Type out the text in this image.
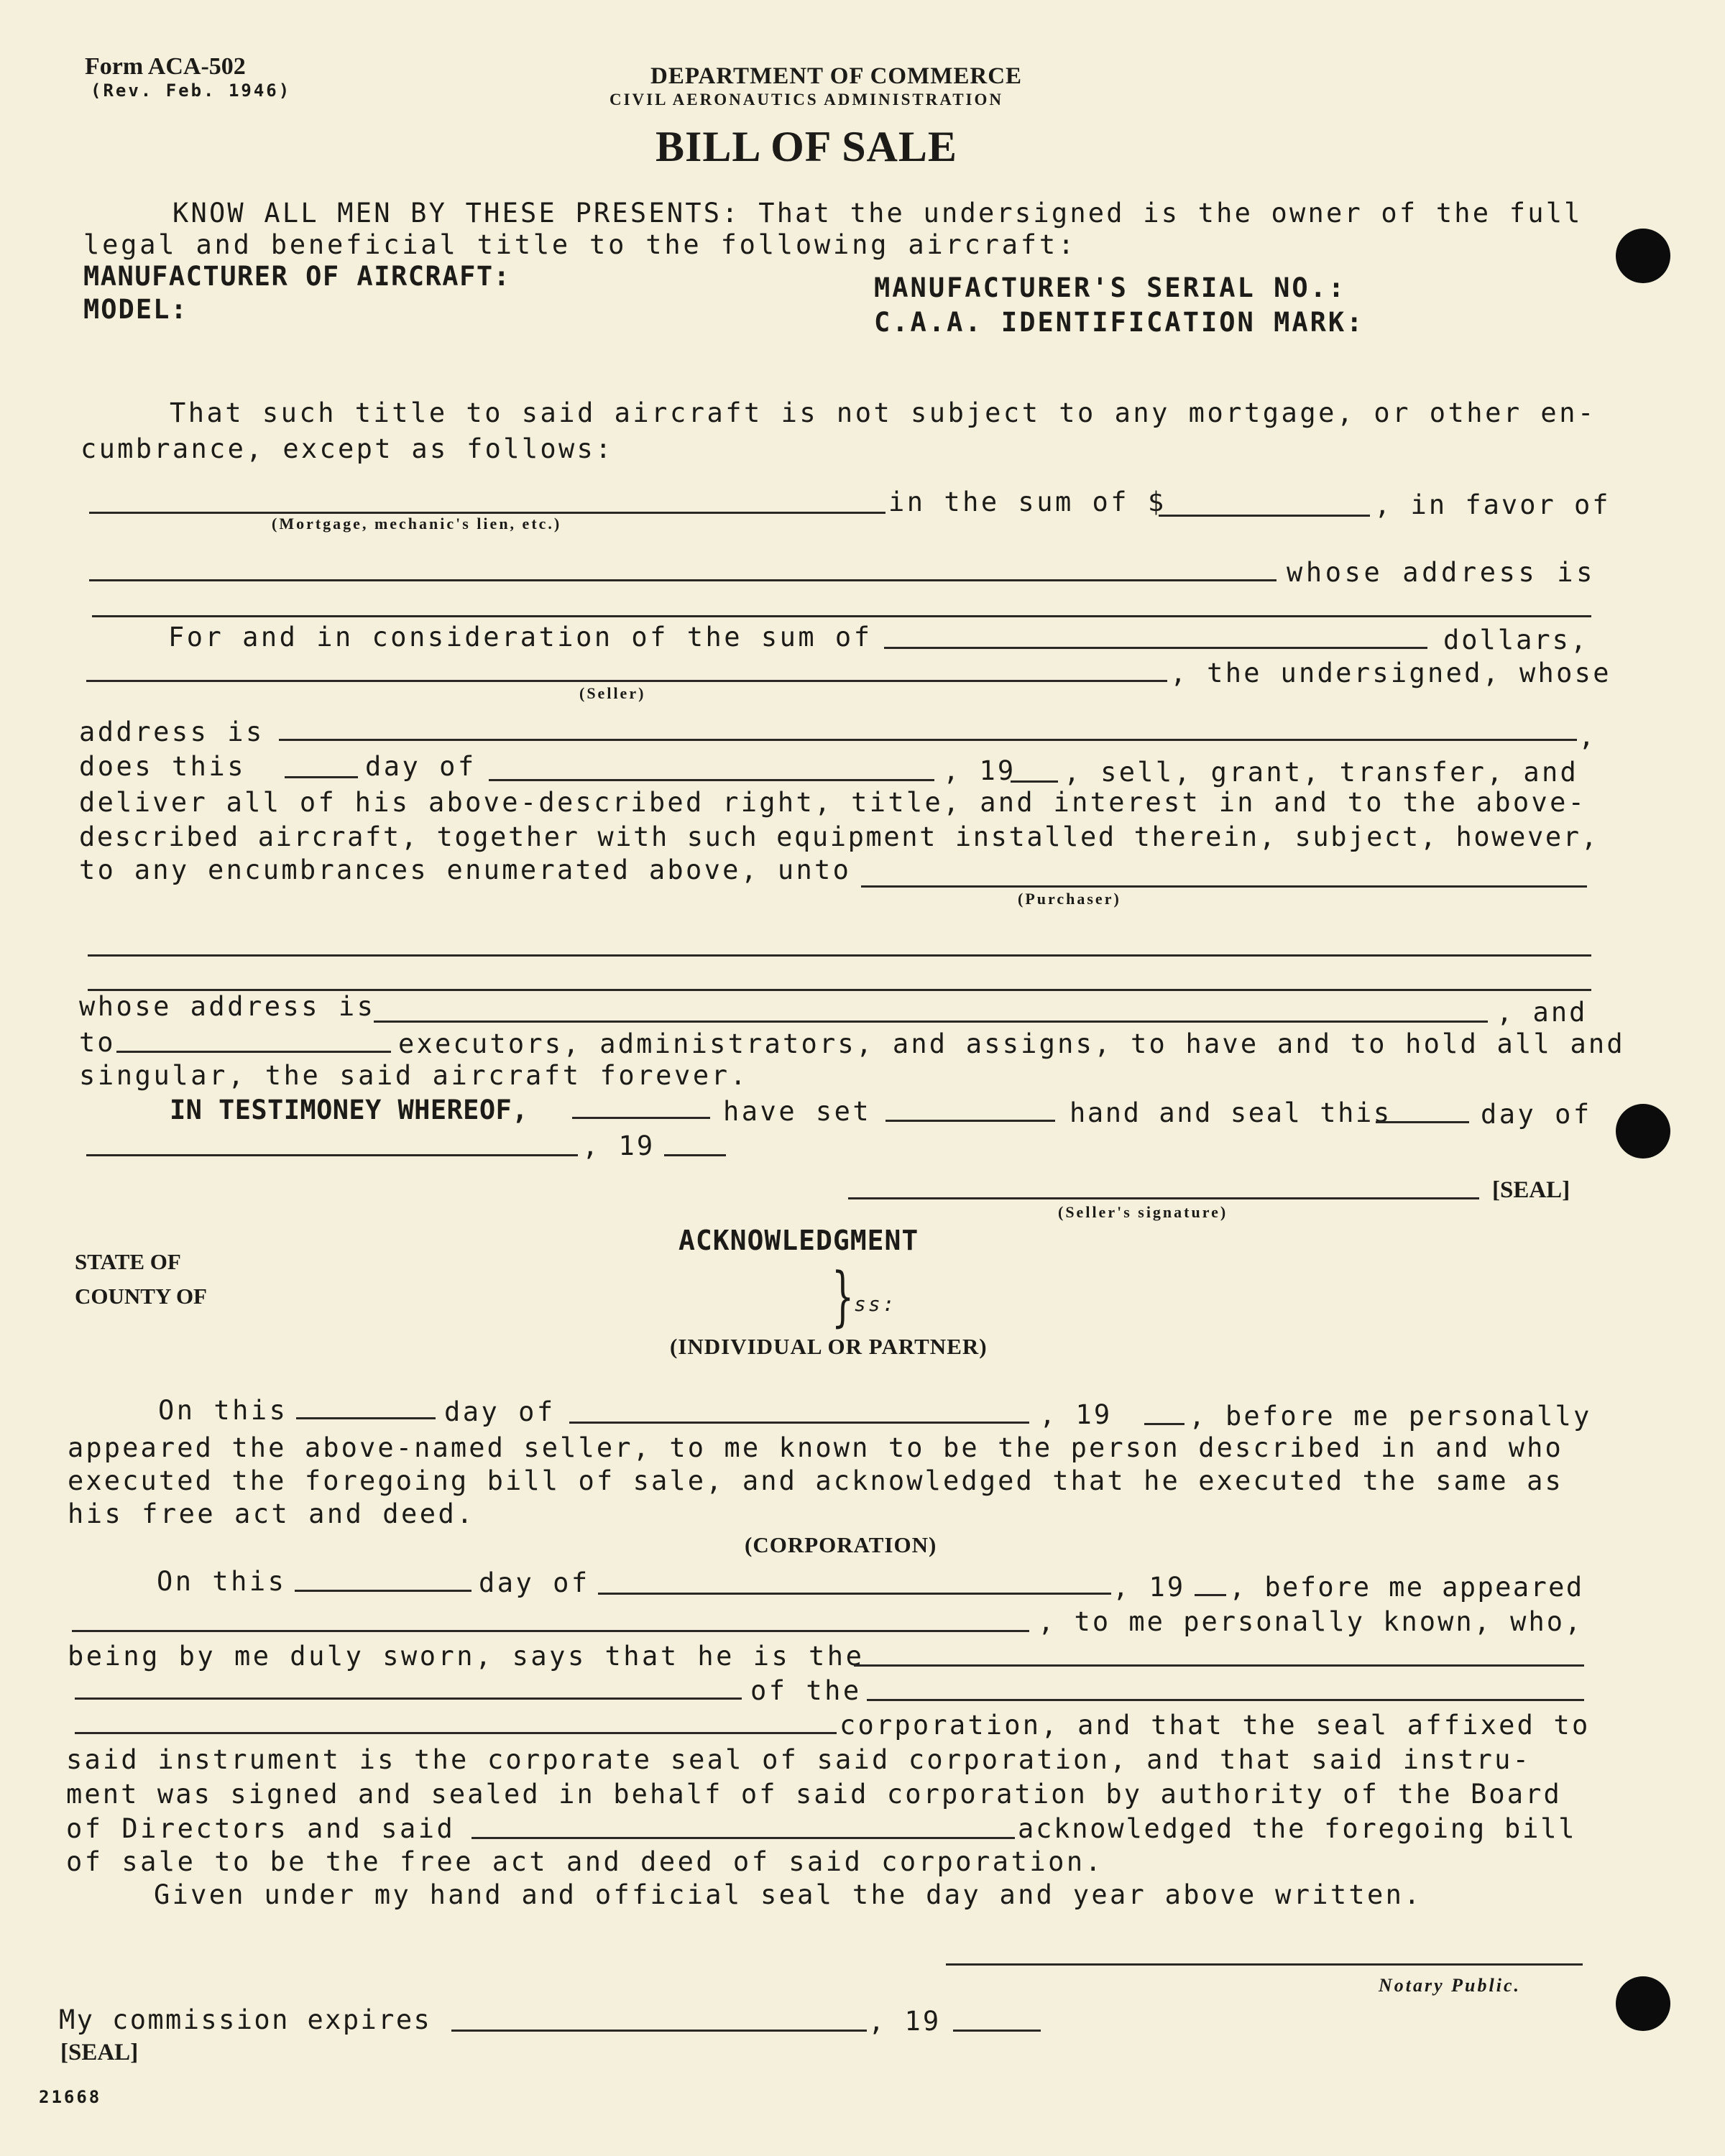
Form ACA-502
(Rev. Feb. 1946)
DEPARTMENT OF COMMERCE
CIVIL AERONAUTICS ADMINISTRATION
BILL OF SALE
KNOW ALL MEN BY THESE PRESENTS: That the undersigned is the owner of the full
legal and beneficial title to the following aircraft:
MANUFACTURER OF AIRCRAFT:	MANUFACTURER'S SERIAL NO.:
MODEL:	C.A.A. IDENTIFICATION MARK:
That such title to said aircraft is not subject to any mortgage, or other en-
cumbrance, except as follows:
in the sum of $	, in favor of
(Mortgage, mechanic's lien, etc.)
whose address is
For and in consideration of the sum of	dollars,
, the undersigned, whose
(Seller)
address is	,
does this	day of	, 19 , sell, grant, transfer, and
deliver all of his above-described right, title, and interest in and to the above-
described aircraft, together with such equipment installed therein, subject, however,
to any encumbrances enumerated above, unto
(Purchaser)
whose address is	, and
to	executors, administrators, and assigns, to have and to hold all and
singular, the said aircraft forever.
IN TESTIMONEY WHEREOF,	have set	hand and seal this	day of
, 19
[SEAL]
(Seller's signature)
ACKNOWLEDGMENT
STATE OF
COUNTY OF	} ss:
(INDIVIDUAL OR PARTNER)
On this	day of	, 19	, before me personally
appeared the above-named seller, to me known to be the person described in and who
executed the foregoing bill of sale, and acknowledged that he executed the same as
his free act and deed.
(CORPORATION)
On this	day of	, 19 , before me appeared
, to me personally known, who,
being by me duly sworn, says that he is the
of the
corporation, and that the seal affixed to
said instrument is the corporate seal of said corporation, and that said instru-
ment was signed and sealed in behalf of said corporation by authority of the Board
of Directors and said	acknowledged the foregoing bill
of sale to be the free act and deed of said corporation.
Given under my hand and official seal the day and year above written.
Notary Public.
My commission expires	, 19
[SEAL]
21668
